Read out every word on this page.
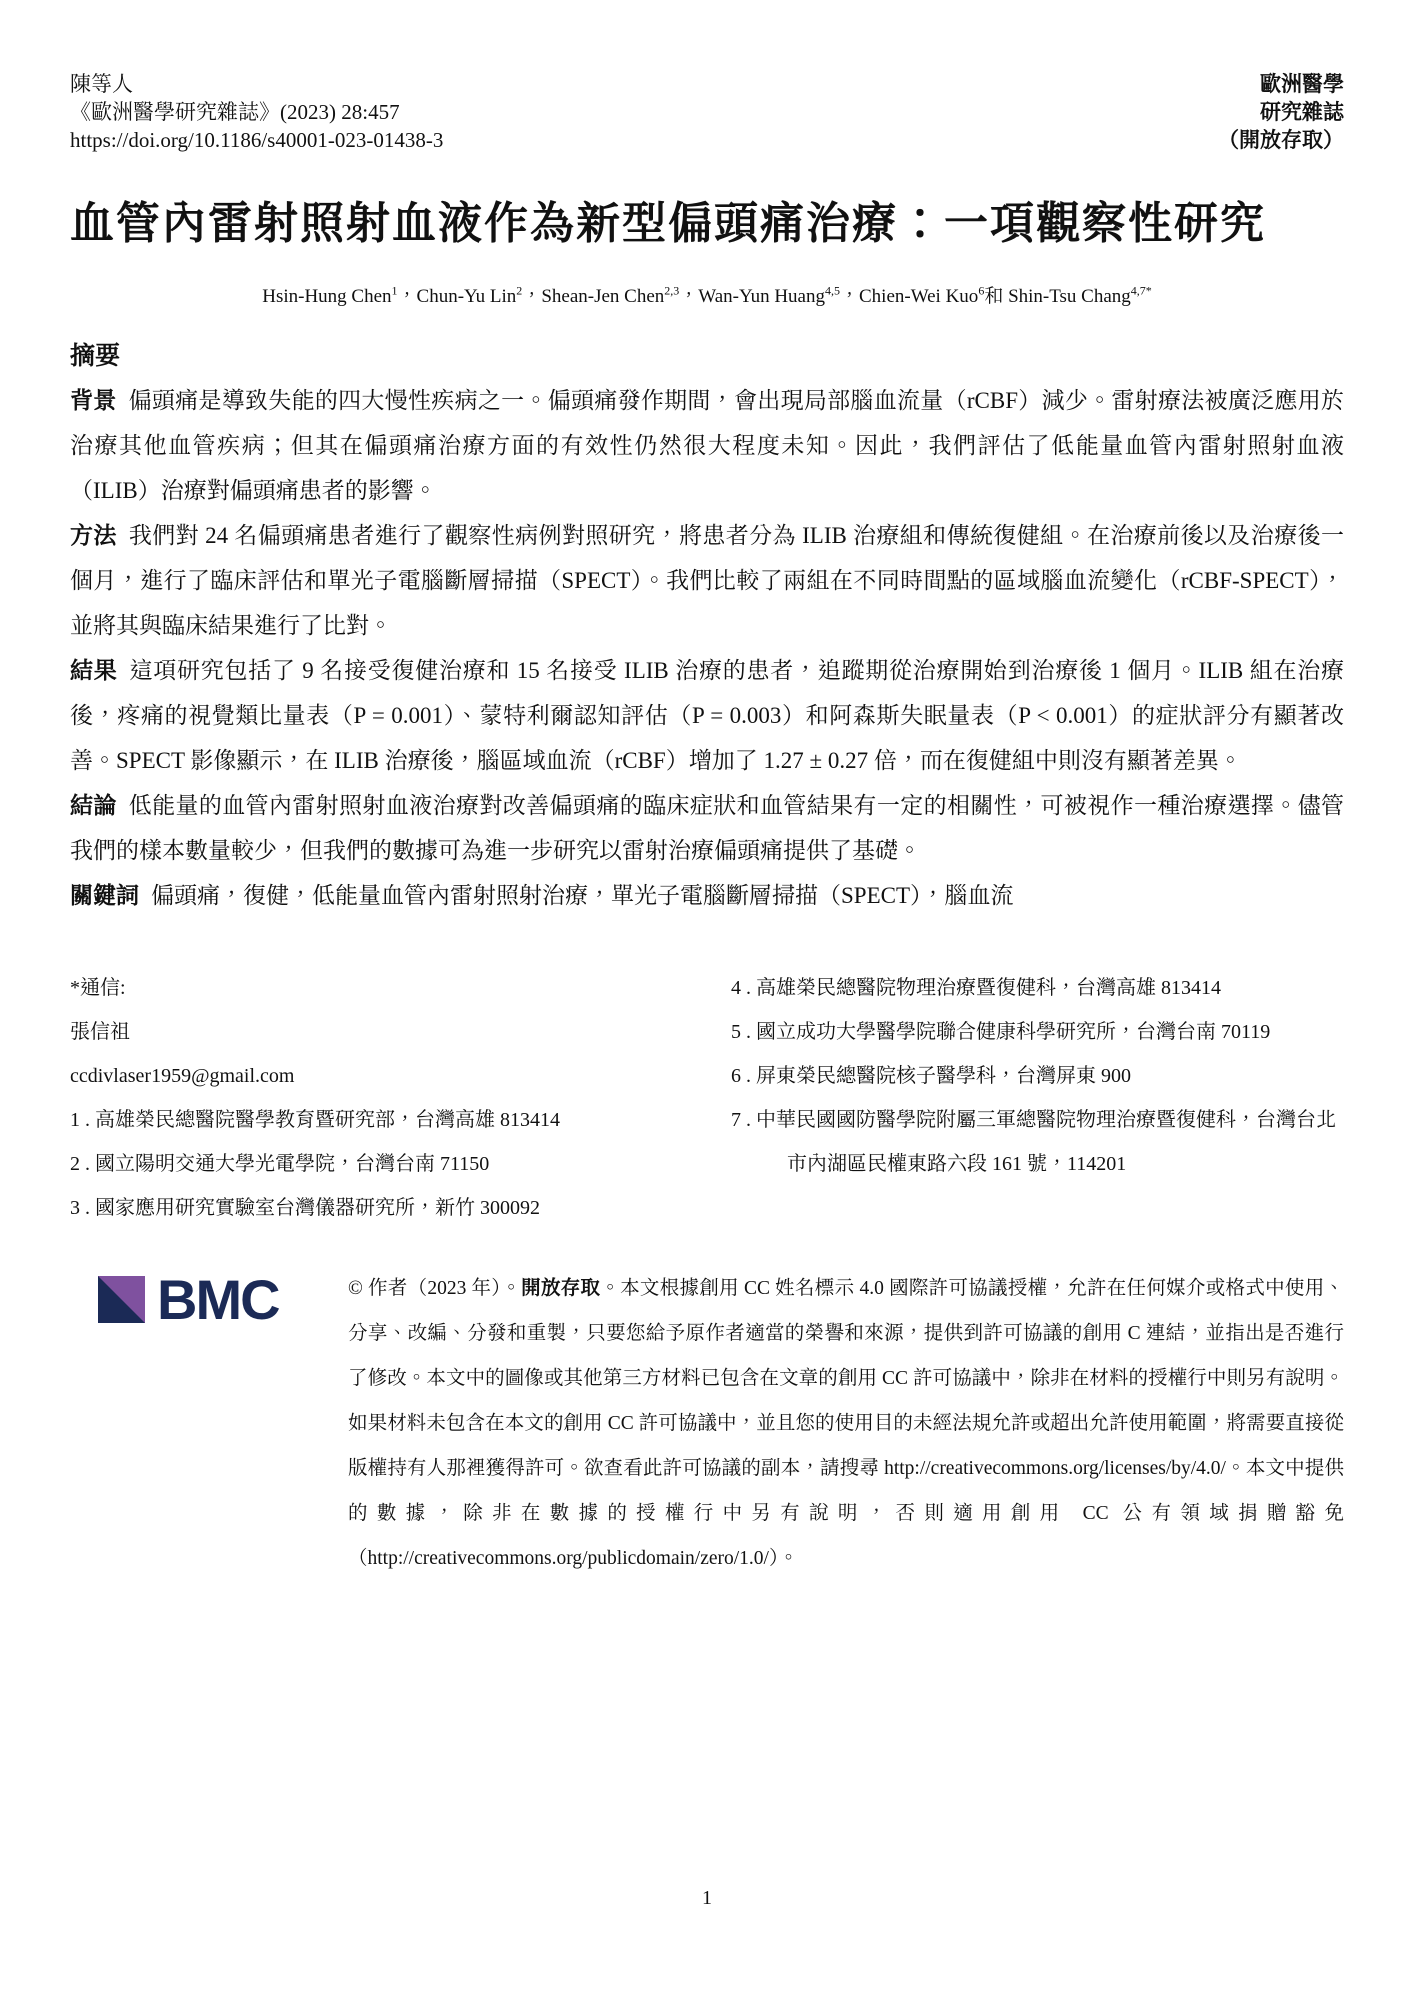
陳等人
《歐洲醫學研究雜誌》(2023) 28:457
https://doi.org/10.1186/s40001-023-01438-3
歐洲醫學
研究雜誌
（開放存取）
血管內雷射照射血液作為新型偏頭痛治療：一項觀察性研究
Hsin-Hung Chen$^1$，Chun-Yu Lin$^2$，Shean-Jen Chen$^{2,3}$，Wan-Yun Huang$^{4,5}$，Chien-Wei Kuo$^6$和 Shin-Tsu Chang$^{4,7*}$
摘要

背景 偏頭痛是導致失能的四大慢性疾病之一。偏頭痛發作期間，會出現局部腦血流量（rCBF）減少。雷射療法被廣泛應用於治療其他血管疾病；但其在偏頭痛治療方面的有效性仍然很大程度未知。因此，我們評估了低能量血管內雷射照射血液（ILIB）治療對偏頭痛患者的影響。

方法 我們對 24 名偏頭痛患者進行了觀察性病例對照研究，將患者分為 ILIB 治療組和傳統復健組。在治療前後以及治療後一個月，進行了臨床評估和單光子電腦斷層掃描（SPECT）。我們比較了兩組在不同時間點的區域腦血流變化（rCBF-SPECT），並將其與臨床結果進行了比對。

結果 這項研究包括了 9 名接受復健治療和 15 名接受 ILIB 治療的患者，追蹤期從治療開始到治療後 1 個月。ILIB 組在治療後，疼痛的視覺類比量表（P = 0.001）、蒙特利爾認知評估（P = 0.003）和阿森斯失眠量表（P < 0.001）的症狀評分有顯著改善。SPECT 影像顯示，在 ILIB 治療後，腦區域血流（rCBF）增加了 1.27 ± 0.27 倍，而在復健組中則沒有顯著差異。

結論 低能量的血管內雷射照射血液治療對改善偏頭痛的臨床症狀和血管結果有一定的相關性，可被視作一種治療選擇。儘管我們的樣本數量較少，但我們的數據可為進一步研究以雷射治療偏頭痛提供了基礎。

關鍵詞 偏頭痛，復健，低能量血管內雷射照射治療，單光子電腦斷層掃描（SPECT），腦血流

*通信:
張信祖
ccdivlaser1959@gmail.com
1 . 高雄榮民總醫院醫學教育暨研究部，台灣高雄 813414
2 . 國立陽明交通大學光電學院，台灣台南 71150
3 . 國家應用研究實驗室台灣儀器研究所，新竹 300092
4 . 高雄榮民總醫院物理治療暨復健科，台灣高雄 813414
5 . 國立成功大學醫學院聯合健康科學研究所，台灣台南 70119
6 . 屏東榮民總醫院核子醫學科，台灣屏東 900
7 . 中華民國國防醫學院附屬三軍總醫院物理治療暨復健科，台灣台北市內湖區民權東路六段 161 號，114201
BMC	© 作者（2023 年）。開放存取。本文根據創用 CC 姓名標示 4.0 國際許可協議授權，允許在任何媒介或格式中使用、分享、改編、分發和重製，只要您給予原作者適當的榮譽和來源，提供到許可協議的創用 C 連結，並指出是否進行了修改。本文中的圖像或其他第三方材料已包含在文章的創用 CC 許可協議中，除非在材料的授權行中則另有說明。如果材料未包含在本文的創用 CC 許可協議中，並且您的使用目的未經法規允許或超出允許使用範圍，將需要直接從版權持有人那裡獲得許可。欲查看此許可協議的副本，請搜尋 http://creativecommons.org/licenses/by/4.0/。本文中提供的數據，除非在數據的授權行中另有說明，否則適用創用 CC 公有領域捐贈豁免（http://creativecommons.org/publicdomain/zero/1.0/）。

1
